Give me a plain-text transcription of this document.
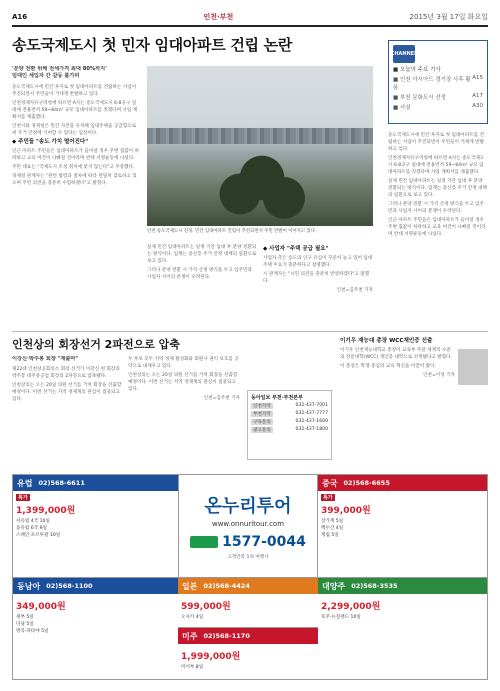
A16	인천·부천	2015년 3월 17일 화요일
송도국제도시 첫 민자 임대아파트 건립 논란	CHANNEL
■ 오늘의 주요 기사
■ 인천 아시아드 경기장 사후 활용
A15
■ 부천 문화도시 선정	A17
■ 사설	A30
'분양 전환 위해 전세가격 최대 80%까지'
임대인 세입자 간 갈등 불가피
송도국제도시에 민간 투자로 첫 임대아파트를 건립하는 사업이 추진되면서 주민들이 거세게 반발하고 있다.
인천경제자유구역청에 따르면 A사는 송도국제도시 6·8공구 일대에 전용면적 59~84m² 규모 임대아파트를 짓겠다며 사업 계획서를 제출했다.
인천시와 경제청은 민간 자본을 유치해 임대주택을 공급함으로써 주거 안정에 기여할 수 있다는 입장이다.
◆ 주민들 "송도 가치 떨어진다"
인근 아파트 주민들은 임대아파트가 들어설 경우 주변 집값이 하락하고 교육 여건이 나빠질 것이라며 반대 서명운동에 나섰다.
주민 대표는 "국제도시 조성 취지에 맞지 않는다"고 주장했다.
경제청 관계자는 "관련 법령과 절차에 따라 면밀히 검토하고 있으며 주민 의견을 충분히 수렴하겠다"고 밝혔다.
인천 송도국제도시 전경. 민간 임대아파트 건립이 추진되면서 주민 반발이 이어지고 있다.
실제 민간 임대아파트는 일정 기간 임대 후 분양 전환되는 방식이다. 업계는 중산층 주거 안정 대책의 일환으로 보고 있다.
그러나 분양 전환 시 가격 산정 방식을 두고 입주민과 사업자 사이의 분쟁이 우려된다.
◆ 사업자 "주택 공급 필요"
사업자 측은 송도의 인구 유입이 꾸준히 늘고 있어 임대주택 수요가 충분하다고 설명했다.
시 관계자는 "시민 의견을 충분히 반영하겠다"고 말했다.
인천=김주천 기자
송도국제도시에 민간 투자로 첫 임대아파트를 건립하는 사업이 추진되면서 주민들이 거세게 반발하고 있다.
인천경제자유구역청에 따르면 A사는 송도국제도시 6·8공구 일대에 전용면적 59~84m² 규모 임대아파트를 짓겠다며 사업 계획서를 제출했다.
실제 민간 임대아파트는 일정 기간 임대 후 분양 전환되는 방식이다. 업계는 중산층 주거 안정 대책의 일환으로 보고 있다.
그러나 분양 전환 시 가격 산정 방식을 두고 입주민과 사업자 사이의 분쟁이 우려된다.
인근 아파트 주민들은 임대아파트가 들어설 경우 주변 집값이 하락하고 교육 여건이 나빠질 것이라며 반대 서명운동에 나섰다.
인천상의 회장선거 2파전으로 압축
이강신·박주봉 회장 "재출마"
제22대 인천상공회의소 회장 선거가 이강신 현 회장과 박주봉 대주중공업 회장의 2파전으로 압축됐다.
인천상의는 오는 20일 의원 선거를 거쳐 회장을 선출할 예정이다. 이번 선거는 지역 경제계의 관심이 집중되고 있다.
두 후보 모두 지역 경제 활성화와 회원사 권익 보호를 공약으로 내세우고 있다.
인천상의는 오는 20일 의원 선거를 거쳐 회장을 선출할 예정이다. 이번 선거는 지역 경제계의 관심이 집중되고 있다.
인천=김주천 기자 동아일보 부천·부천본부
인천지역	032-437-7001
부천지역	032-437-7777
구독문의	032-437-1600
광고문의	032-437-1800
이기우 재능대 총장 WCC재인증 선출
이기우 인천재능대학교 총장이 교육부 주관 세계적 수준의 전문대학(WCC) 재인증 대학으로 선정됐다고 밝혔다.
이 총장은 학생 중심의 교육 혁신을 이끌어 왔다.
인천=이성 기자
유럽 02)568-6611
특가
1,399,000원
서유럽 4국 10일
동유럽 6국 9일
스페인·포르투갈 10일
온누리투어
www.onnuritour.com
1577-0044
고객만족 1위 여행사
중국 02)568-6655
특가
399,000원
장가계 5일
백두산 4일
계림 5일
일본 02)568-4424
599,000원
오사카 4일
동남아 02)568-1100
349,000원
세부 5일
다낭 5일
방콕·파타야 5일	미주 02)568-1170
1,999,000원
미서부 8일
대양주 02)568-3535
2,299,000원
호주·뉴질랜드 10일
